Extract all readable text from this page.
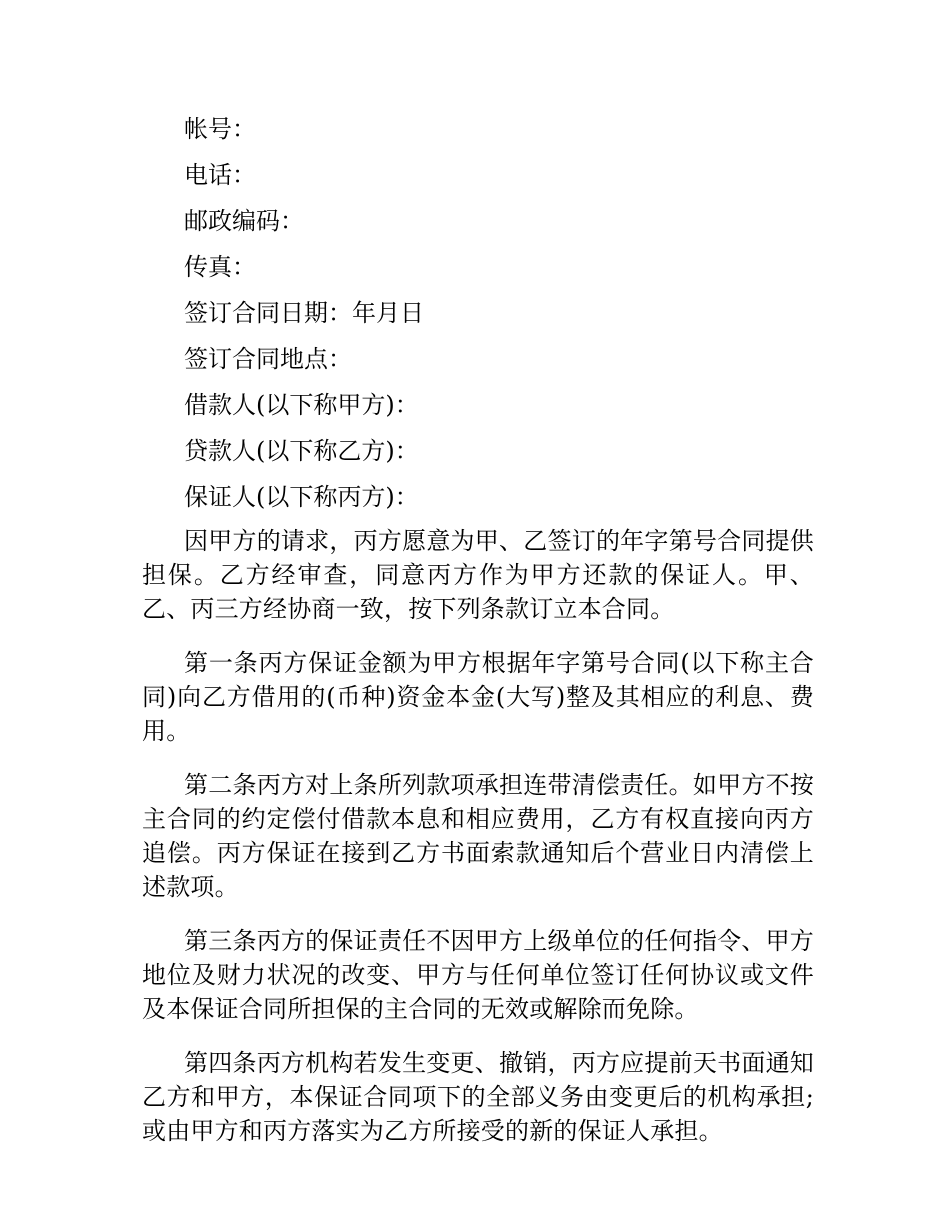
帐号：

电话：

邮政编码：

传真：

签订合同日期：年月日

签订合同地点：

借款人(以下称甲方)：

贷款人(以下称乙方)：

保证人(以下称丙方)：

因甲方的请求，丙方愿意为甲、乙签订的年字第号合同提供担保。乙方经审查，同意丙方作为甲方还款的保证人。甲、乙、丙三方经协商一致，按下列条款订立本合同。

第一条丙方保证金额为甲方根据年字第号合同(以下称主合同)向乙方借用的(币种)资金本金(大写)整及其相应的利息、费用。

第二条丙方对上条所列款项承担连带清偿责任。如甲方不按主合同的约定偿付借款本息和相应费用，乙方有权直接向丙方追偿。丙方保证在接到乙方书面索款通知后个营业日内清偿上述款项。

第三条丙方的保证责任不因甲方上级单位的任何指令、甲方地位及财力状况的改变、甲方与任何单位签订任何协议或文件及本保证合同所担保的主合同的无效或解除而免除。

第四条丙方机构若发生变更、撤销，丙方应提前天书面通知乙方和甲方，本保证合同项下的全部义务由变更后的机构承担;或由甲方和丙方落实为乙方所接受的新的保证人承担。
